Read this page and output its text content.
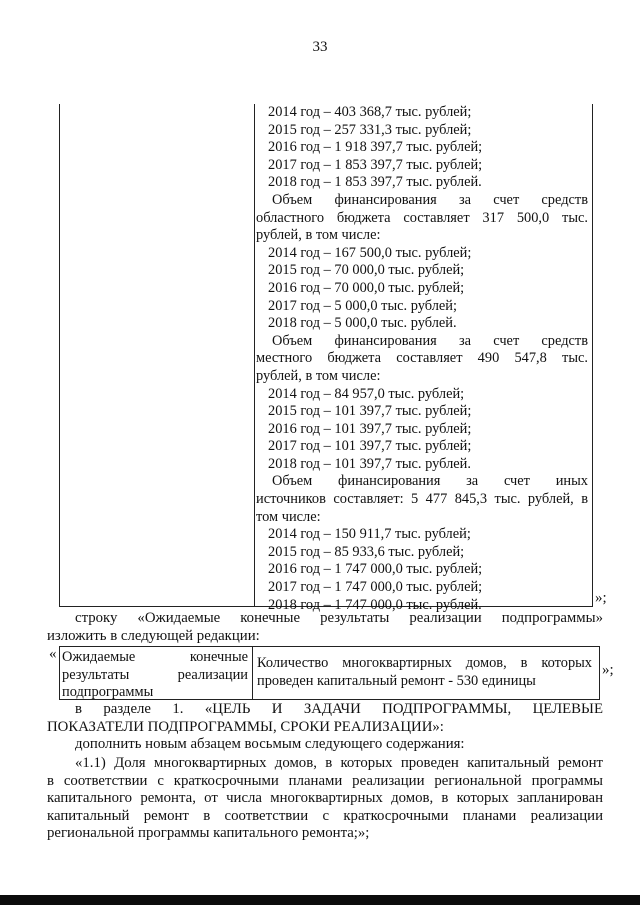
33
2014 год – 403 368,7 тыс. рублей;
2015 год – 257 331,3 тыс. рублей;
2016 год – 1 918 397,7 тыс. рублей;
2017 год – 1 853 397,7 тыс. рублей;
2018 год – 1 853 397,7 тыс. рублей.
Объем финансирования за счет средств
областного бюджета составляет 317 500,0 тыс.
рублей, в том числе:
2014 год – 167 500,0 тыс. рублей;
2015 год – 70 000,0 тыс. рублей;
2016 год – 70 000,0 тыс. рублей;
2017 год – 5 000,0 тыс. рублей;
2018 год – 5 000,0 тыс. рублей.
Объем финансирования за счет средств
местного бюджета составляет 490 547,8 тыс.
рублей, в том числе:
2014 год – 84 957,0 тыс. рублей;
2015 год – 101 397,7 тыс. рублей;
2016 год – 101 397,7 тыс. рублей;
2017 год – 101 397,7 тыс. рублей;
2018 год – 101 397,7 тыс. рублей.
Объем финансирования за счет иных
источников составляет: 5 477 845,3 тыс. рублей, в
том числе:
2014 год – 150 911,7 тыс. рублей;
2015 год – 85 933,6 тыс. рублей;
2016 год – 1 747 000,0 тыс. рублей;
2017 год – 1 747 000,0 тыс. рублей;
2018 год – 1 747 000,0 тыс. рублей.	»;
строку «Ожидаемые конечные результаты реализации подпрограммы»
изложить в следующей редакции:
« Ожидаемые конечные
результаты реализации
подпрограммы
Количество многоквартирных домов, в которых
проведен капитальный ремонт - 530 единицы
»;
в разделе 1. «ЦЕЛЬ И ЗАДАЧИ ПОДПРОГРАММЫ, ЦЕЛЕВЫЕ
ПОКАЗАТЕЛИ ПОДПРОГРАММЫ, СРОКИ РЕАЛИЗАЦИИ»:
дополнить новым абзацем восьмым следующего содержания:
«1.1) Доля многоквартирных домов, в которых проведен капитальный ремонт
в соответствии с краткосрочными планами реализации региональной программы
капитального ремонта, от числа многоквартирных домов, в которых запланирован
капитальный ремонт в соответствии с краткосрочными планами реализации
региональной программы капитального ремонта;»;
